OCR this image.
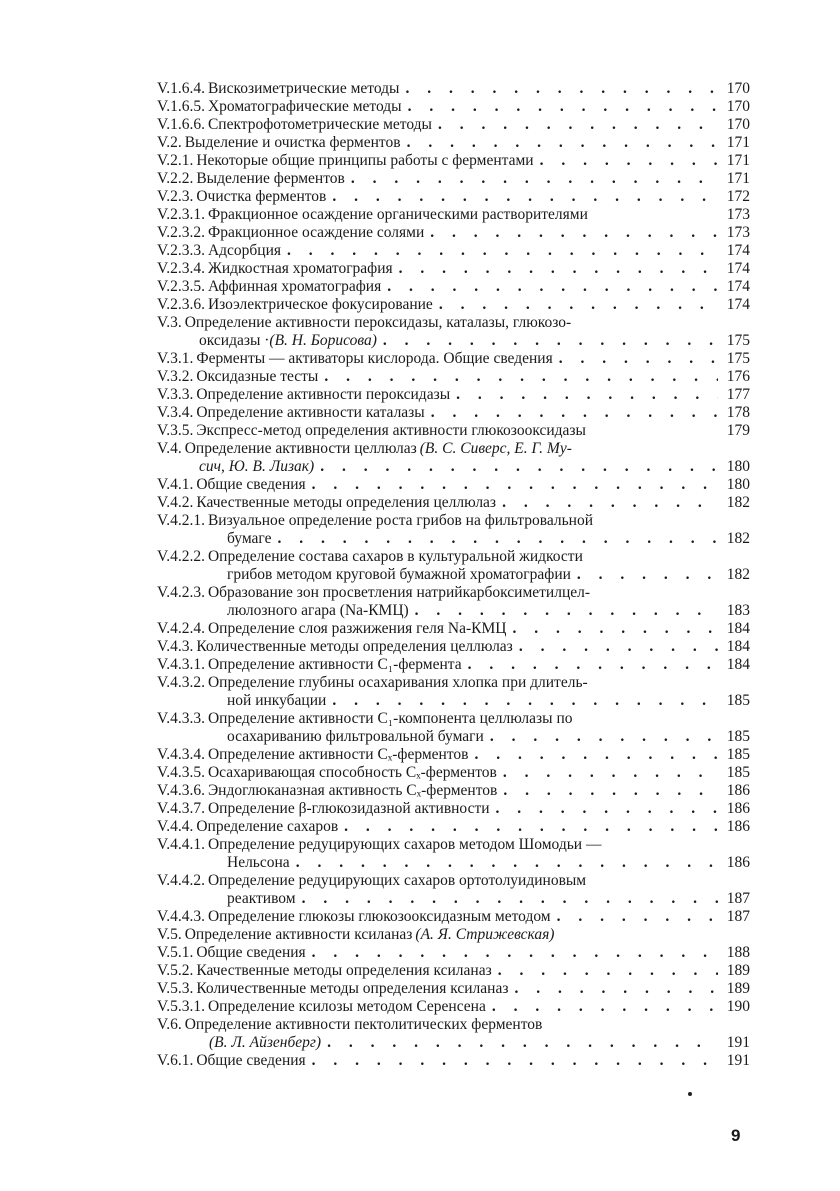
V.1.6.4. Вискозиметрические методы . . .	170
V.1.6.5. Хроматографические методы . . .	170
V.1.6.6. Спектрофотометрические методы . . .	170
V.2. Выделение и очистка ферментов . . .	171
V.2.1. Некоторые общие принципы работы с ферментами . . .	171
V.2.2. Выделение ферментов . . .	171
V.2.3. Очистка ферментов . . .	172
V.2.3.1. Фракционное осаждение органическими растворителями	173
V.2.3.2. Фракционное осаждение солями . . .	173
V.2.3.3. Адсорбция . . .	174
V.2.3.4. Жидкостная хроматография . . .	174
V.2.3.5. Аффинная хроматография . . .	174
V.2.3.6. Изоэлектрическое фокусирование . . .	174
V.3. Определение активности пероксидазы, каталазы, глюкозо-
оксидазы · (В. Н. Борисова) . . .	175
V.3.1. Ферменты — активаторы кислорода. Общие сведения . . .	175
V.3.2. Оксидазные тесты . . .	176
V.3.3. Определение активности пероксидазы . . .	177
V.3.4. Определение активности каталазы . . .	178
V.3.5. Экспресс-метод определения активности глюкозооксидазы	179
V.4. Определение активности целлюлаз (В. С. Сиверс, Е. Г. Му-
сич, Ю. В. Лизак) . . .	180
V.4.1. Общие сведения . . .	180
V.4.2. Качественные методы определения целлюлаз . . .	182
V.4.2.1. Визуальное определение роста грибов на фильтровальной
бумаге . . .	182
V.4.2.2. Определение состава сахаров в культуральной жидкости
грибов методом круговой бумажной хроматографии . . .	182
V.4.2.3. Образование зон просветления натрийкарбоксиметилцел-
люлозного агара (Na-КМЦ) . . .	183
V.4.2.4. Определение слоя разжижения геля Na-КМЦ . . .	184
V.4.3. Количественные методы определения целлюлаз . . .	184
V.4.3.1. Определение активности C₁-фермента . . .	184
V.4.3.2. Определение глубины осахаривания хлопка при длитель-
ной инкубации . . .	185
V.4.3.3. Определение активности C₁-компонента целлюлазы по
осахариванию фильтровальной бумаги . . .	185
V.4.3.4. Определение активности Cₓ-ферментов . . .	185
V.4.3.5. Осахаривающая способность Cₓ-ферментов . . .	185
V.4.3.6. Эндоглюканазная активность Cₓ-ферментов . . .	186
V.4.3.7. Определение β-глюкозидазной активности . . .	186
V.4.4. Определение сахаров . . .	186
V.4.4.1. Определение редуцирующих сахаров методом Шомодьи —
Нельсона . . .	186
V.4.4.2. Определение редуцирующих сахаров ортотолуидиновым
реактивом . . .	187
V.4.4.3. Определение глюкозы глюкозооксидазным методом . . .	187
V.5. Определение активности ксиланаз (А. Я. Стрижевская)
V.5.1. Общие сведения . . .	188
V.5.2. Качественные методы определения ксиланаз . . .	189
V.5.3. Количественные методы определения ксиланаз . . .	189
V.5.3.1. Определение ксилозы методом Серенсена . . .	190
V.6. Определение активности пектолитических ферментов
(В. Л. Айзенберг) . . .	191
V.6.1. Общие сведения . . .	191
9
